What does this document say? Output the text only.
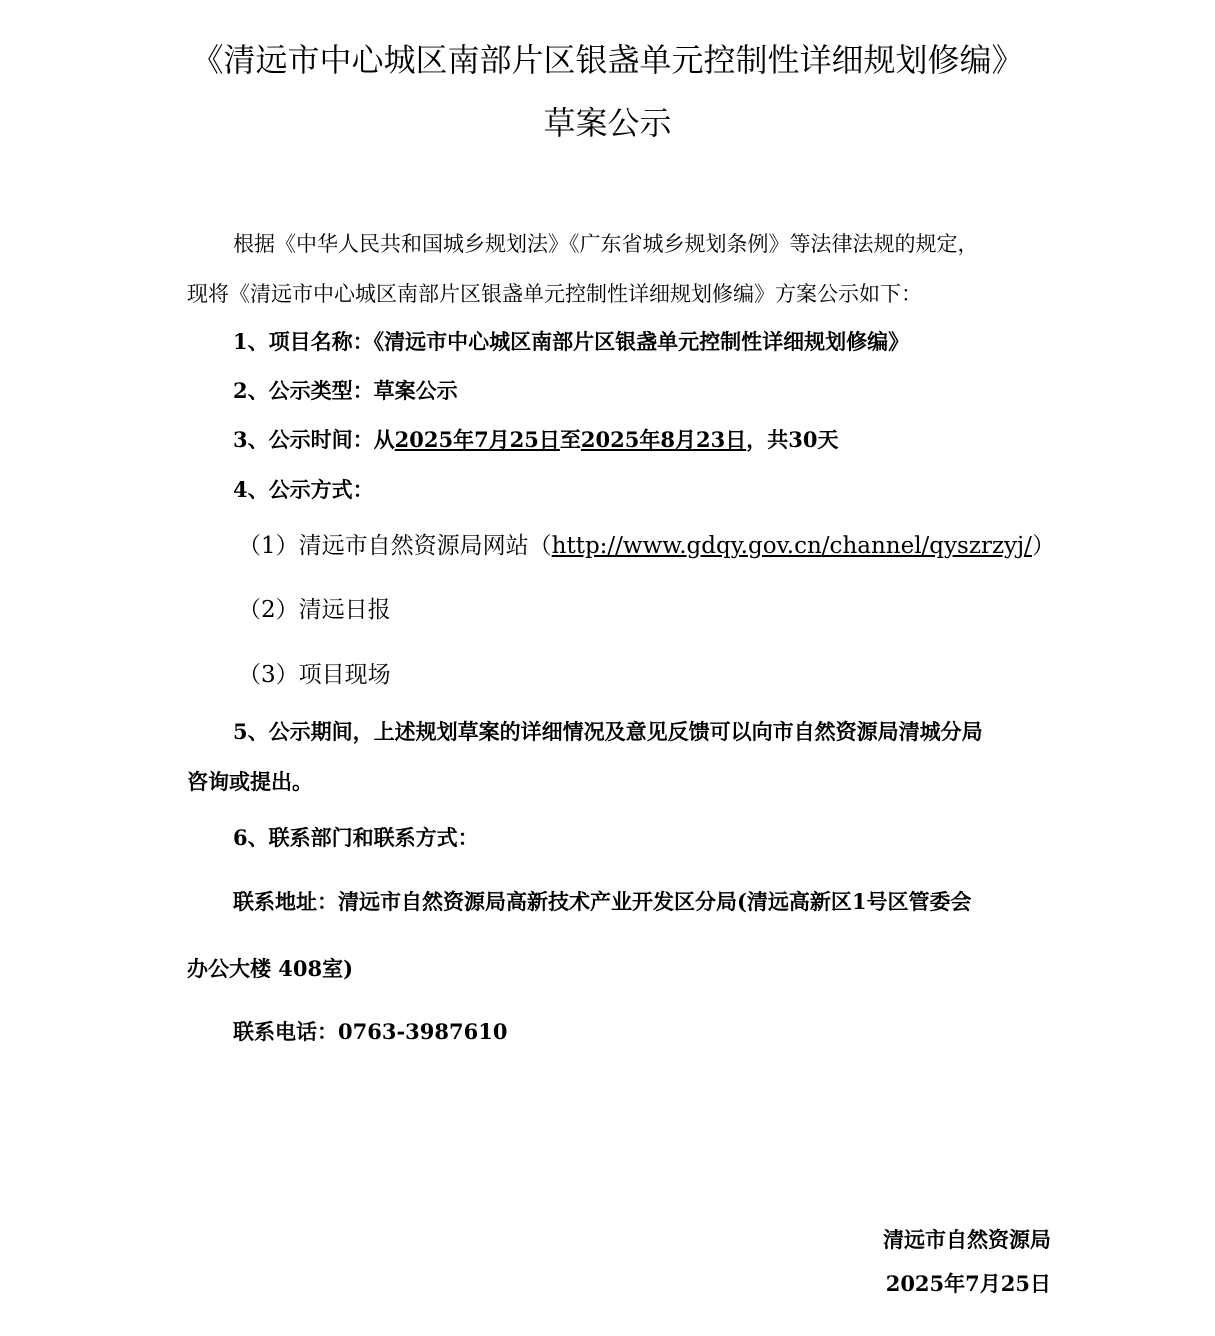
《清远市中心城区南部片区银盏单元控制性详细规划修编》
草案公示
根据《中华人民共和国城乡规划法》《广东省城乡规划条例》等法律法规的规定，
现将《清远市中心城区南部片区银盏单元控制性详细规划修编》方案公示如下：
1、项目名称：《清远市中心城区南部片区银盏单元控制性详细规划修编》
2、公示类型：草案公示
3、公示时间：从2025年7月25日至2025年8月23日，共30天
4、公示方式：
（1）清远市自然资源局网站（http://www.gdqy.gov.cn/channel/qyszrzyj/）
（2）清远日报
（3）项目现场
5、公示期间，上述规划草案的详细情况及意见反馈可以向市自然资源局清城分局
咨询或提出。
6、联系部门和联系方式：
联系地址：清远市自然资源局高新技术产业开发区分局(清远高新区1号区管委会
办公大楼 408室)
联系电话：0763-3987610
清远市自然资源局
2025年7月25日
